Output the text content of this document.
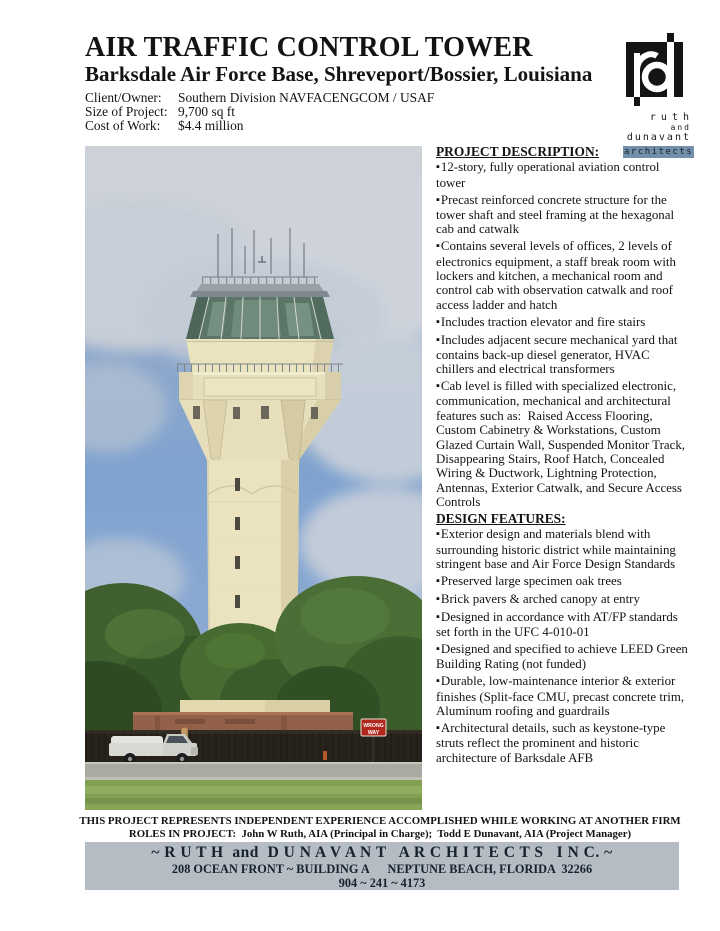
AIR TRAFFIC CONTROL TOWER
Barksdale Air Force Base, Shreveport/Bossier, Louisiana
Client/Owner:	Southern Division NAVFACENGCOM / USAF
Size of Project: 9,700 sq ft
Cost of Work:	$4.4 million
ruth
and
dunavant
architects
WRONG
WAY
PROJECT DESCRIPTION:
▪ 12-story, fully operational aviation control tower
▪ Precast reinforced concrete structure for the tower shaft and steel framing at the hexagonal cab and catwalk
▪ Contains several levels of offices, 2 levels of electronics equipment, a staff break room with lockers and kitchen, a mechanical room and control cab with observation catwalk and roof access ladder and hatch
▪ Includes traction elevator and fire stairs
▪ Includes adjacent secure mechanical yard that contains back-up diesel generator, HVAC chillers and electrical transformers
▪ Cab level is filled with specialized electronic, communication, mechanical and architectural features such as:  Raised Access Flooring, Custom Cabinetry & Workstations, Custom Glazed Curtain Wall, Suspended Monitor Track, Disappearing Stairs, Roof Hatch, Concealed Wiring & Ductwork, Lightning Protection, Antennas, Exterior Catwalk, and Secure Access Controls
DESIGN FEATURES:
▪ Exterior design and materials blend with surrounding historic district while maintaining stringent base and Air Force Design Standards
▪ Preserved large specimen oak trees
▪ Brick pavers & arched canopy at entry
▪ Designed in accordance with AT/FP standards set forth in the UFC 4-010-01
▪ Designed and specified to achieve LEED Green Building Rating (not funded)
▪ Durable, low-maintenance interior & exterior finishes (Split-face CMU, precast concrete trim, Aluminum roofing and guardrails
▪ Architectural details, such as keystone-type struts reflect the prominent and historic architecture of Barksdale AFB
THIS PROJECT REPRESENTS INDEPENDENT EXPERIENCE ACCOMPLISHED WHILE WORKING AT ANOTHER FIRM
ROLES IN PROJECT:  John W Ruth, AIA (Principal in Charge);  Todd E Dunavant, AIA (Project Manager)
~ R U T H  and  D U N A V A N T   A R C H I T E C T S   I N C. ~
208 OCEAN FRONT ~ BUILDING A      NEPTUNE BEACH, FLORIDA  32266
904 ~ 241 ~ 4173
